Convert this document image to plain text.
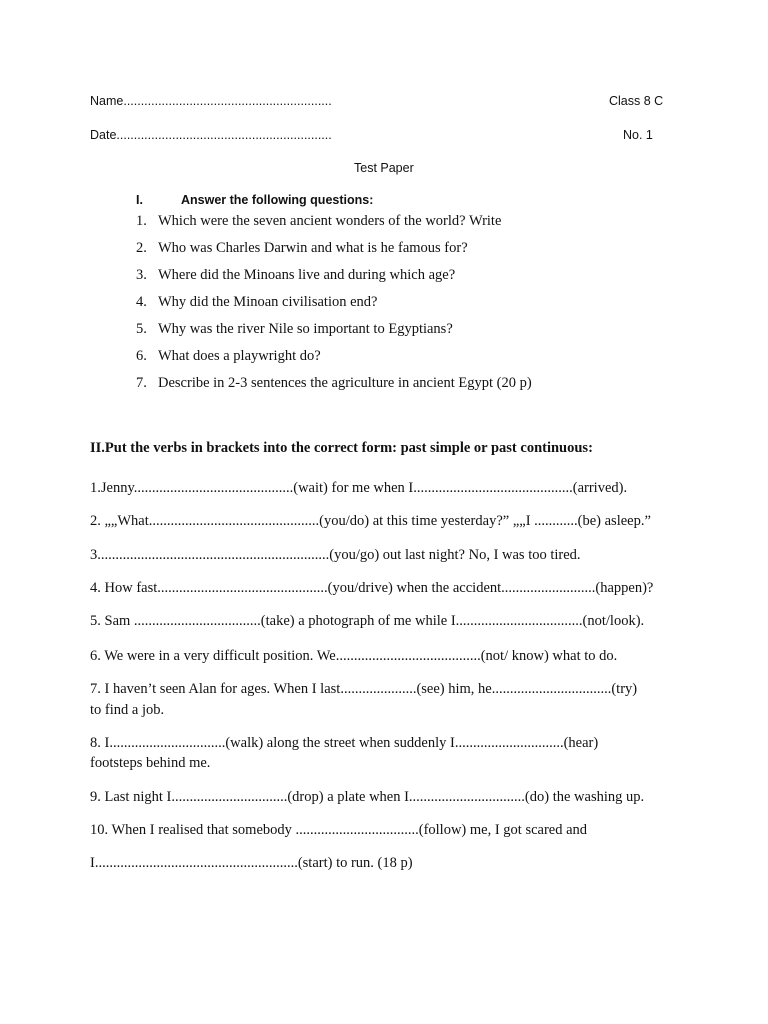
Name............................................................	Class 8 C
Date..............................................................	No. 1
Test Paper
I.	Answer the following questions:
1. Which were the seven ancient wonders of the world? Write
2. Who was Charles Darwin and what is he famous for?
3. Where did the Minoans live and during which age?
4. Why did the Minoan civilisation end?
5. Why was the river Nile so important to Egyptians?
6. What does a playwright do?
7. Describe in 2-3 sentences the agriculture in ancient Egypt (20 p)
II.Put the verbs in brackets into the correct form: past simple or past continuous:
1.Jenny............................................(wait) for me when I............................................(arrived).
2. „„What...............................................(you/do) at this time yesterday?” „„I ............(be) asleep.”
3................................................................(you/go) out last night? No, I was too tired.
4. How fast...............................................(you/drive) when the accident..........................(happen)?
5. Sam ...................................(take) a photograph of me while I...................................(not/look).
6. We were in a very difficult position. We........................................(not/ know) what to do.
7. I haven’t seen Alan for ages. When I last.....................(see) him, he.................................(try)
to find a job.
8. I................................(walk) along the street when suddenly I..............................(hear)
footsteps behind me.
9. Last night I................................(drop) a plate when I................................(do) the washing up.
10. When I realised that somebody ..................................(follow) me, I got scared and
I........................................................(start) to run. (18 p)
